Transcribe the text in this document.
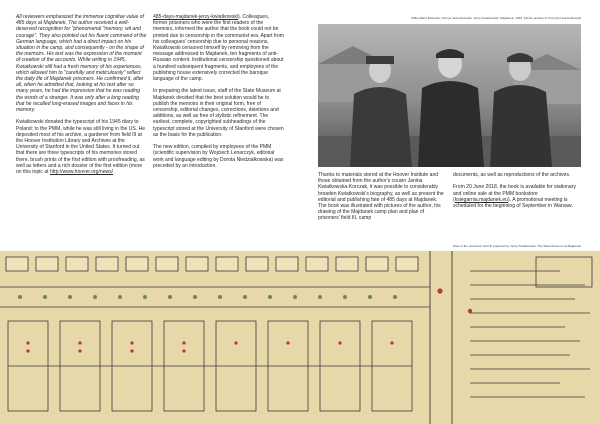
All reviewers emphasized the immense cognitive value of 485 days at Majdanek. The author received a well-deserved recognition for "phenomenal "memory, wit and courage". They also pointed out his fluent command of the German language, which had a direct impact on his situation in the camp, and consequently - on the shape of the memoirs. His text was the expression of the moment of creation of the accounts. While writing in 1945, Kwiatkowski still had a fresh memory of his experiences, which allowed him to "carefully and meticulously" reflect the daily life of Majdanek prisoners. He confirmed it, after all, when he admitted that, looking at his text after so many years, he had the impression that he was reading the words of a stranger. It was only after a long reading that he recalled long-erased images and faces in his memory.

Kwiatkowski donated the typescript of his 1945 diary to Poland; to the PMM, while he was still living in the US. He deposited most of his archive, a gardener from field III at the Hoover Institution Library and Archives at the University of Stanford in the United States. It turned out that there are three typescripts of his memories stored there, brush prints of the first edition with proofreading, as well as letters and a rich dossier of the first edition (more on this topic at http://www.hoover.org/news/

485-days-majdanek-jerzy-kwiatkowski). Colleagues, former prisoners who were the first readers of the memoirs, informed the author that the book could not be printed due to censorship in the communist era. Apart from his colleagues' censorship due to personal reasons, Kwiatkowski censored himself by removing from the message addressed to Majdanek, ten fragments of anti-Russian content. Institutional censorship questioned about a hundred subsequent fragments, and employees of the publishing house extensively corrected the baroque language of the camp.

In preparing the latest issue, staff of the State Museum at Majdanek decided that the best solution would be to publish the memoirs in their original form, free of censorship, editorial changes, corrections, deletions and additions, as well as free of stylistic refinement. The earliest, complete, copyrighted subheadings of the typescript stored at the University of Stanford were chosen as the basis for the publication.

The new edition, compiled by employees of the PMM (scientific supervision by Wojciech Lenarczyk, editorial work and language editing by Dorota Niedziałkowska) was preceded by an introduction.

Alfilis Maria Borkoski, Henryk Jaszczikowski, Jerzy Kwiatkowski, Majdanek, 1945. Family archive of Krzysztof Jaszczikowski

Thanks to materials stored at the Hoover Institute and those obtained from the author's cousin Janina Kwiatkowska-Korczak, it was possible to considerably broaden Kwiatkowski's biography, as well as present the editorial and publishing fate of 485 days at Majdanek. The book was illustrated with pictures of the author, his drawing of the Majdanek camp plan and plan of prisoners' field III, camp

documents, as well as reproductions of the archives.

From 20 June 2018, the book is available for stationary and online sale at the PMM bookstore (ksiegarnia.majdanek.eu). A promotional meeting is scheduled for the beginning of September in Warsaw.

Plan of the prisoners' field III prepared by Jerzy Kwiatkowski. The State Museum at Majdanek
